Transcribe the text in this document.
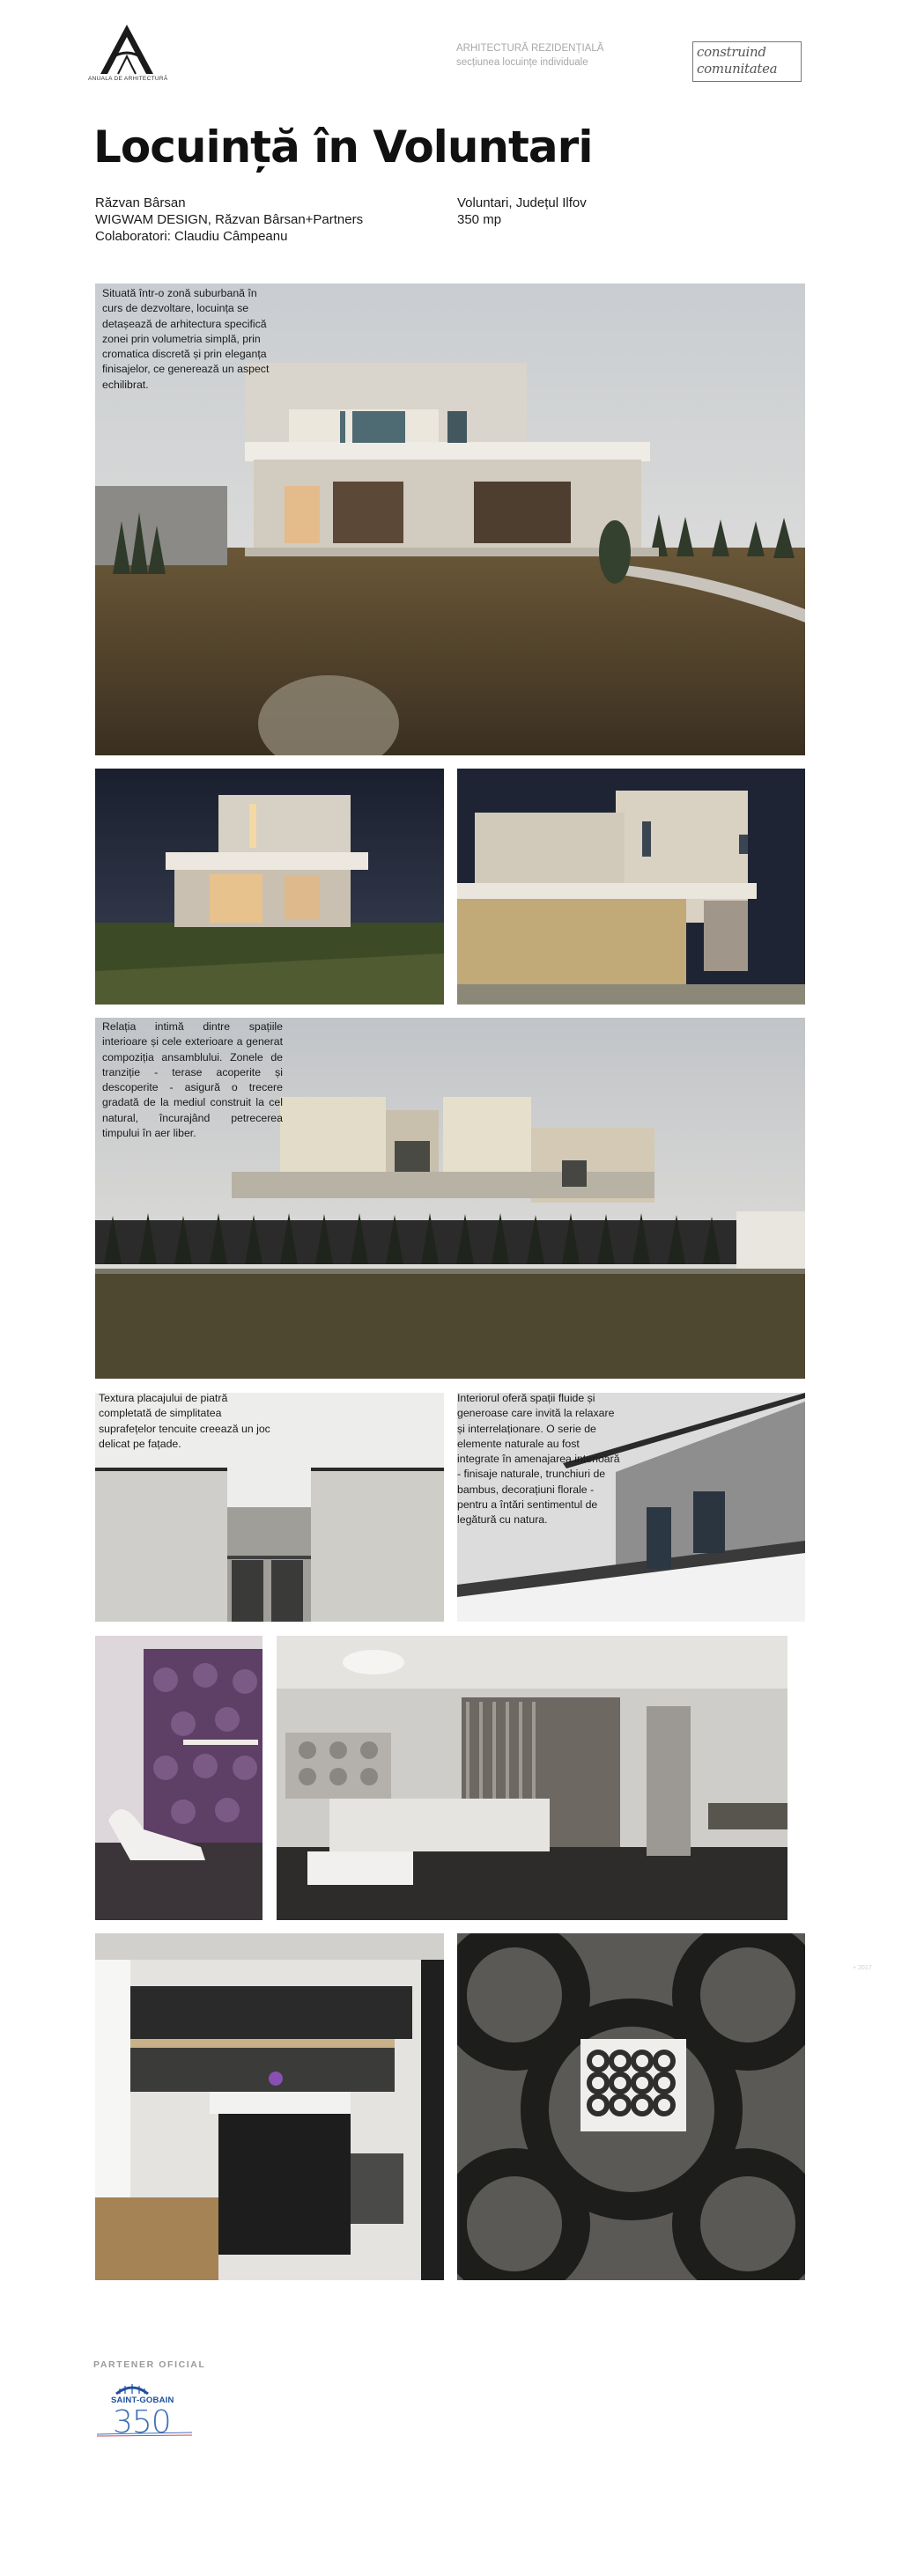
ANUALA DE ARHITECTURĂ
ARHITECTURĂ REZIDENȚIALĂ
secțiunea locuințe individuale
construind
comunitatea
Locuință în Voluntari
Răzvan Bârsan
WIGWAM DESIGN, Răzvan Bârsan+Partners
Colaboratori: Claudiu Câmpeanu
Voluntari, Județul Ilfov
350 mp
Situată într-o zonă suburbană în curs de dezvoltare, locuința se detașează de arhitectura specifică zonei prin volumetria simplă, prin cromatica discretă și prin eleganța finisajelor, ce generează un aspect echilibrat.
Relația intimă dintre spațiile interioare și cele exterioare a generat compoziția ansamblului. Zonele de tranziție - terase acoperite și descoperite - asigură o trecere gradată de la mediul construit la cel natural, încurajând petrecerea timpului în aer liber.
Textura placajului de piatră completată de simplitatea suprafețelor tencuite creează un joc delicat pe fațade.
Interiorul oferă spații fluide și generoase care invită la relaxare și interrelaționare. O serie de elemente naturale au fost integrate în amenajarea interioară - finisaje naturale, trunchiuri de bambus, decorațiuni florale - pentru a întări sentimentul de legătură cu natura.
+ 2017
PARTENER OFICIAL
SAINT-GOBAIN
350
